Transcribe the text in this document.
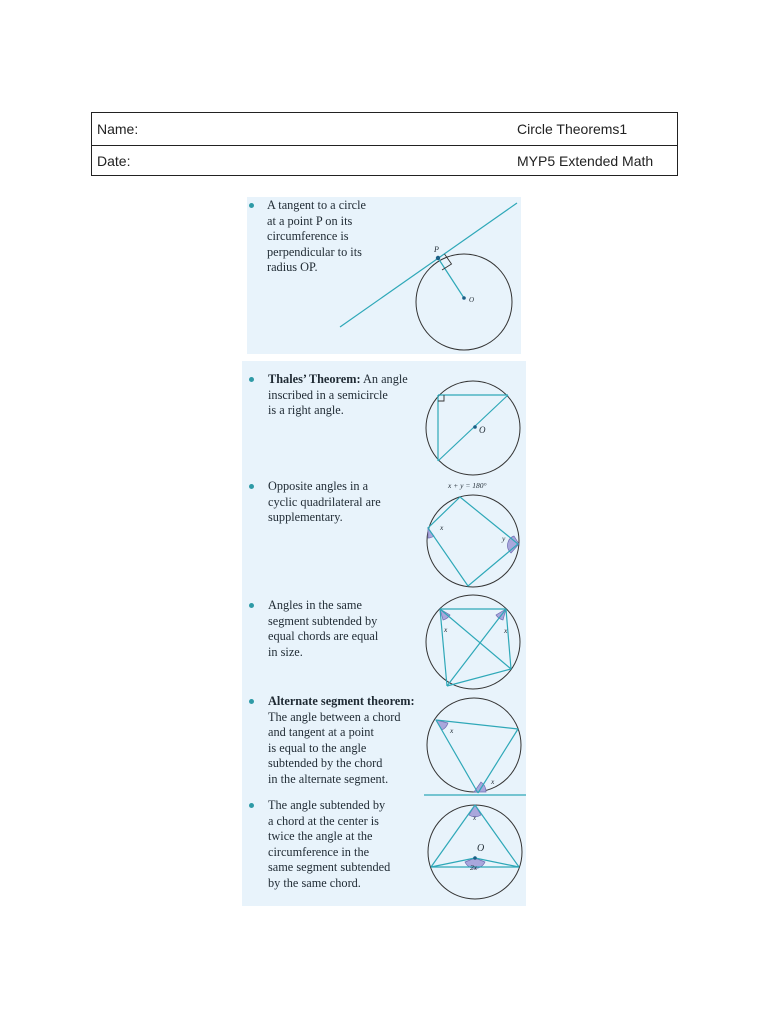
Name:	Circle Theorems1
Date:	MYP5 Extended Math
A tangent to a circle
at a point P on its
circumference is
perpendicular to its
radius OP.
P
O
Thales’ Theorem: An angle
inscribed in a semicircle
is a right angle.
O
Opposite angles in a
cyclic quadrilateral are
supplementary.
x + y = 180°
x
y
Angles in the same
segment subtended by
equal chords are equal
in size.
x	x
Alternate segment theorem:
The angle between a chord
and tangent at a point
is equal to the angle
subtended by the chord
in the alternate segment.
x
x
The angle subtended by
a chord at the center is
twice the angle at the
circumference in the
same segment subtended
by the same chord.
x
O
2x
